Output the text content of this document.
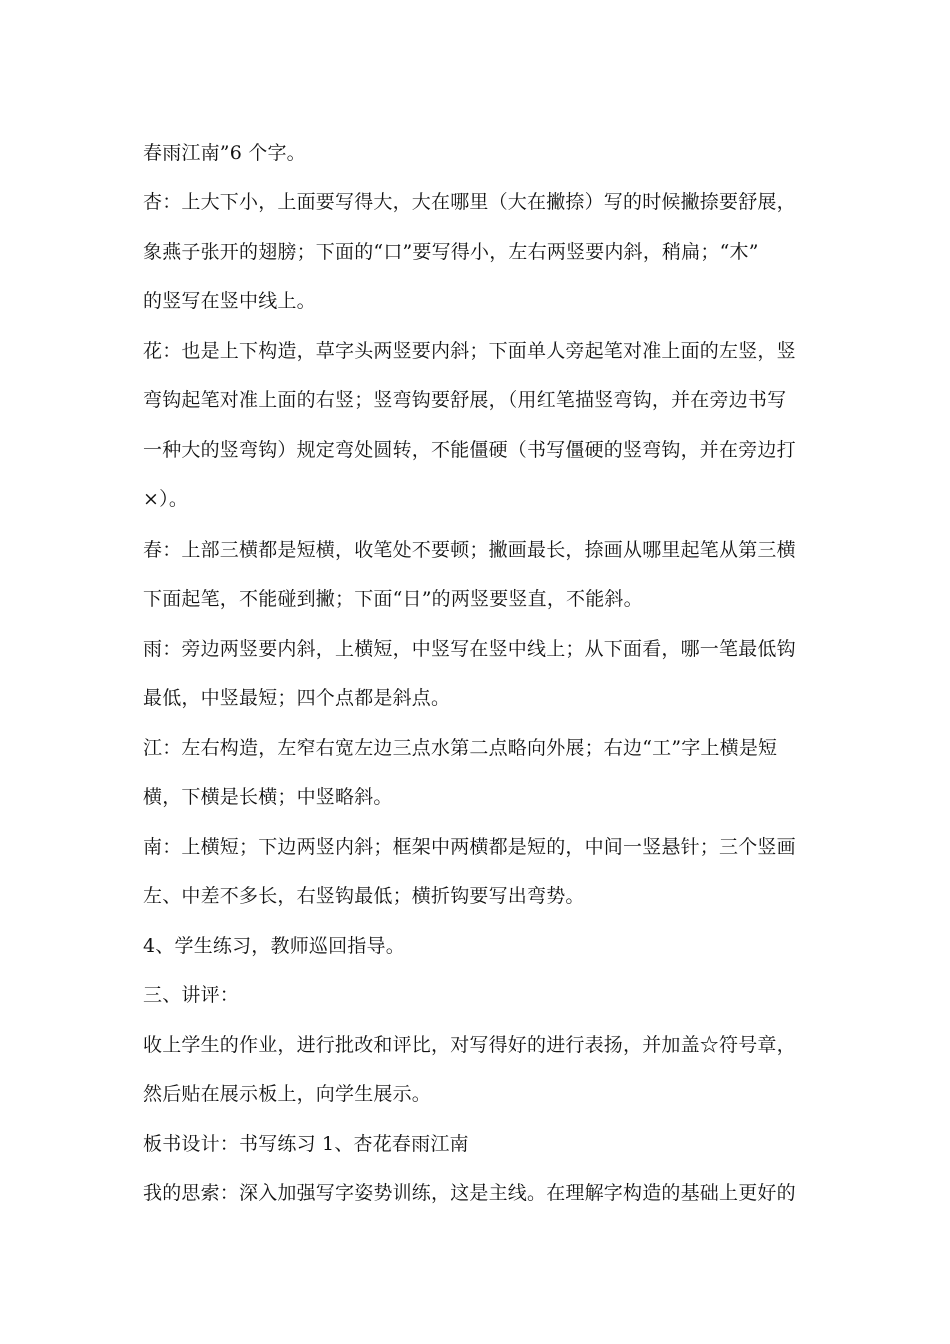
春雨江南”6 个字。
杏：上大下小，上面要写得大，大在哪里（大在撇捺）写的时候撇捺要舒展，
象燕子张开的翅膀；下面的“口”要写得小，左右两竖要内斜，稍扁；“木”
的竖写在竖中线上。
花：也是上下构造，草字头两竖要内斜；下面单人旁起笔对准上面的左竖，竖
弯钩起笔对准上面的右竖；竖弯钩要舒展，（用红笔描竖弯钩，并在旁边书写
一种大的竖弯钩）规定弯处圆转，不能僵硬（书写僵硬的竖弯钩，并在旁边打
×）。
春：上部三横都是短横，收笔处不要顿；撇画最长，捺画从哪里起笔从第三横
下面起笔，不能碰到撇；下面“日”的两竖要竖直，不能斜。
雨：旁边两竖要内斜，上横短，中竖写在竖中线上；从下面看，哪一笔最低钩
最低，中竖最短；四个点都是斜点。
江：左右构造，左窄右宽左边三点水第二点略向外展；右边“工”字上横是短
横，下横是长横；中竖略斜。
南：上横短；下边两竖内斜；框架中两横都是短的，中间一竖悬针；三个竖画
左、中差不多长，右竖钩最低；横折钩要写出弯势。
4、学生练习，教师巡回指导。
三、讲评：
收上学生的作业，进行批改和评比，对写得好的进行表扬，并加盖☆符号章，
然后贴在展示板上，向学生展示。
板书设计：书写练习 1、杏花春雨江南
我的思索：深入加强写字姿势训练，这是主线。在理解字构造的基础上更好的
